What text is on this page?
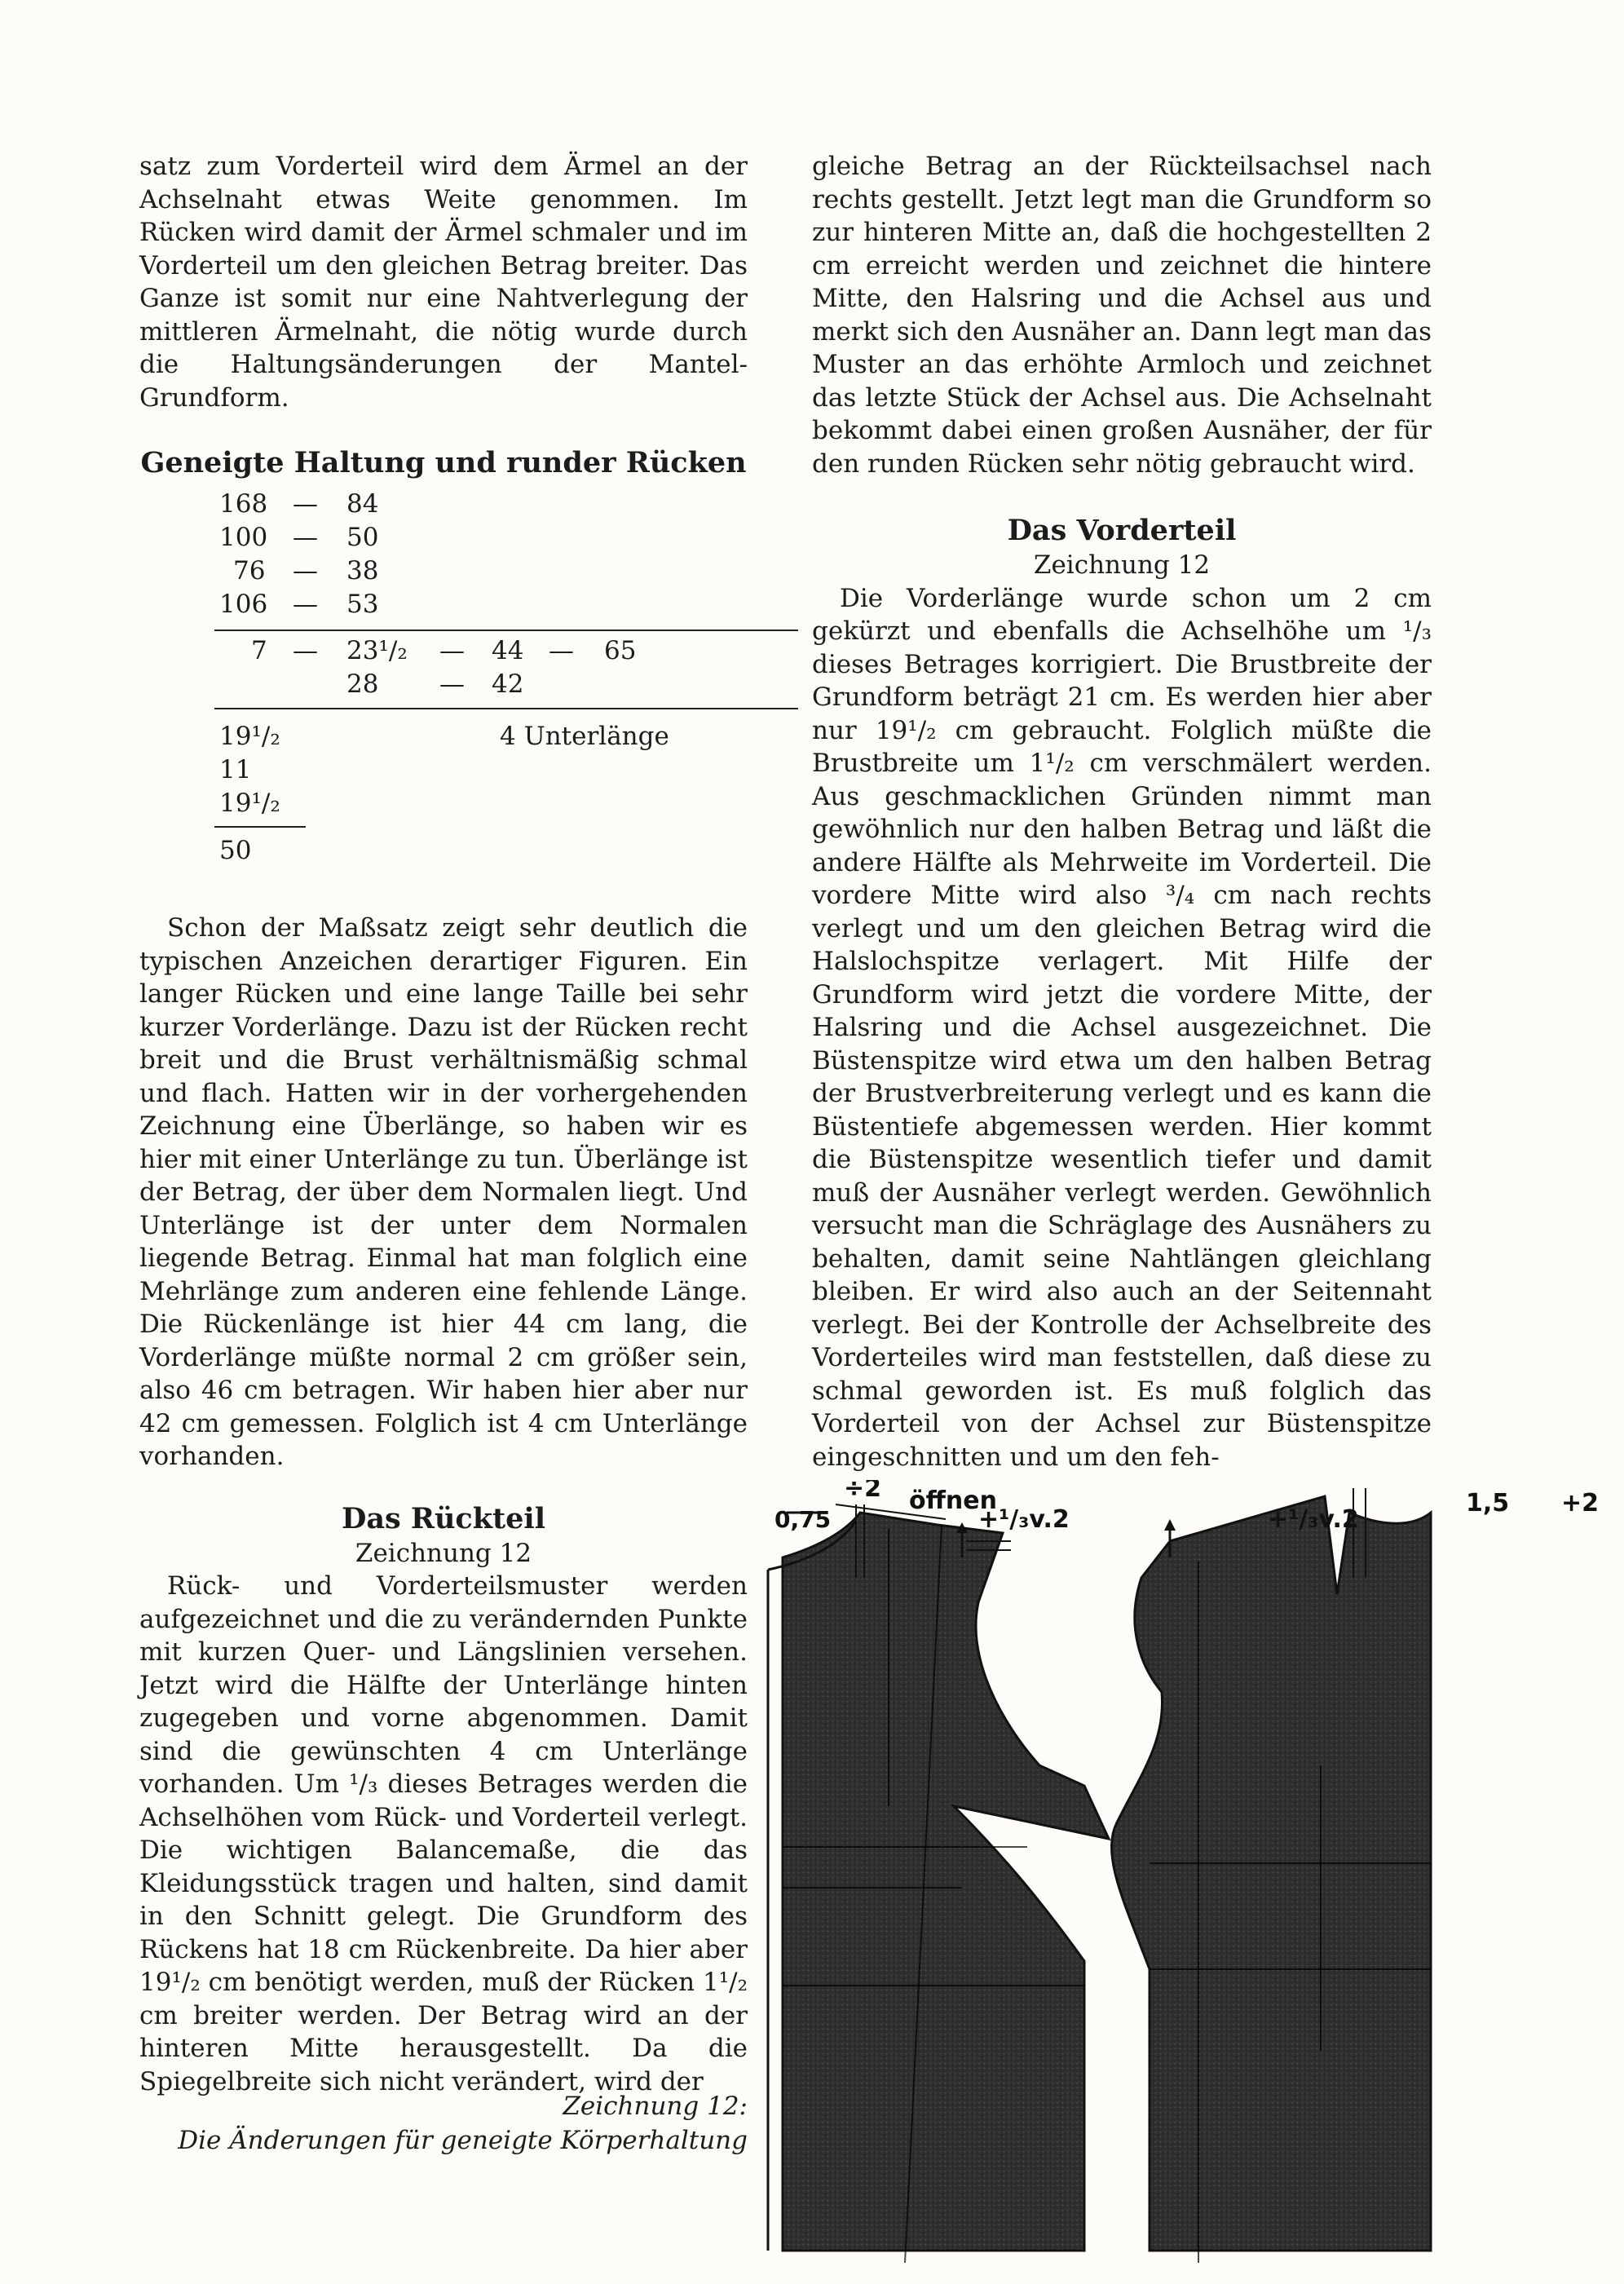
satz zum Vorderteil wird dem Ärmel an der Achselnaht etwas Weite genommen. Im Rücken wird damit der Ärmel schmaler und im Vorderteil um den gleichen Betrag breiter. Das Ganze ist somit nur eine Nahtverlegung der mittleren Ärmelnaht, die nötig wurde durch die Haltungsänderungen der Mantel-Grundform.

Geneigte Haltung und runder Rücken

168 — 84
100 — 50
76 — 38
106 — 53
7 — 23¹/₂ — 44 — 65
28 — 42
19¹/₂	4 Unterlänge
11
19¹/₂
50

Schon der Maßsatz zeigt sehr deutlich die typischen Anzeichen derartiger Figuren. Ein langer Rücken und eine lange Taille bei sehr kurzer Vorderlänge. Dazu ist der Rücken recht breit und die Brust verhältnismäßig schmal und flach. Hatten wir in der vorhergehenden Zeichnung eine Überlänge, so haben wir es hier mit einer Unterlänge zu tun. Überlänge ist der Betrag, der über dem Normalen liegt. Und Unterlänge ist der unter dem Normalen liegende Betrag. Einmal hat man folglich eine Mehrlänge zum anderen eine fehlende Länge. Die Rückenlänge ist hier 44 cm lang, die Vorderlänge müßte normal 2 cm größer sein, also 46 cm betragen. Wir haben hier aber nur 42 cm gemessen. Folglich ist 4 cm Unterlänge vorhanden.

Das Rückteil

Zeichnung 12

Rück- und Vorderteilsmuster werden aufgezeichnet und die zu verändernden Punkte mit kurzen Quer- und Längslinien versehen. Jetzt wird die Hälfte der Unterlänge hinten zugegeben und vorne abgenommen. Damit sind die gewünschten 4 cm Unterlänge vorhanden. Um ¹/₃ dieses Betrages werden die Achselhöhen vom Rück- und Vorderteil verlegt. Die wichtigen Balancemaße, die das Kleidungsstück tragen und halten, sind damit in den Schnitt gelegt. Die Grundform des Rückens hat 18 cm Rückenbreite. Da hier aber 19¹/₂ cm benötigt werden, muß der Rücken 1¹/₂ cm breiter werden. Der Betrag wird an der hinteren Mitte herausgestellt. Da die Spiegelbreite sich nicht verändert, wird der

gleiche Betrag an der Rückteilsachsel nach rechts gestellt. Jetzt legt man die Grundform so zur hinteren Mitte an, daß die hochgestellten 2 cm erreicht werden und zeichnet die hintere Mitte, den Halsring und die Achsel aus und merkt sich den Ausnäher an. Dann legt man das Muster an das erhöhte Armloch und zeichnet das letzte Stück der Achsel aus. Die Achselnaht bekommt dabei einen großen Ausnäher, der für den runden Rücken sehr nötig gebraucht wird.

Das Vorderteil

Zeichnung 12

Die Vorderlänge wurde schon um 2 cm gekürzt und ebenfalls die Achselhöhe um ¹/₃ dieses Betrages korrigiert. Die Brustbreite der Grundform beträgt 21 cm. Es werden hier aber nur 19¹/₂ cm gebraucht. Folglich müßte die Brustbreite um 1¹/₂ cm verschmälert werden. Aus geschmacklichen Gründen nimmt man gewöhnlich nur den halben Betrag und läßt die andere Hälfte als Mehrweite im Vorderteil. Die vordere Mitte wird also ³/₄ cm nach rechts verlegt und um den gleichen Betrag wird die Halslochspitze verlagert. Mit Hilfe der Grundform wird jetzt die vordere Mitte, der Halsring und die Achsel ausgezeichnet. Die Büstenspitze wird etwa um den halben Betrag der Brustverbreiterung verlegt und es kann die Büstentiefe abgemessen werden. Hier kommt die Büstenspitze wesentlich tiefer und damit muß der Ausnäher verlegt werden. Gewöhnlich versucht man die Schräglage des Ausnähers zu behalten, damit seine Nahtlängen gleichlang bleiben. Er wird also auch an der Seitennaht verlegt. Bei der Kontrolle der Achselbreite des Vorderteiles wird man feststellen, daß diese zu schmal geworden ist. Es muß folglich das Vorderteil von der Achsel zur Büstenspitze eingeschnitten und um den feh-

Zeichnung 12:
Die Änderungen für geneigte Körperhaltung
÷2
0,75
öffnen
+¹/₃v.2	+¹/₃v.2
1,5 +2
